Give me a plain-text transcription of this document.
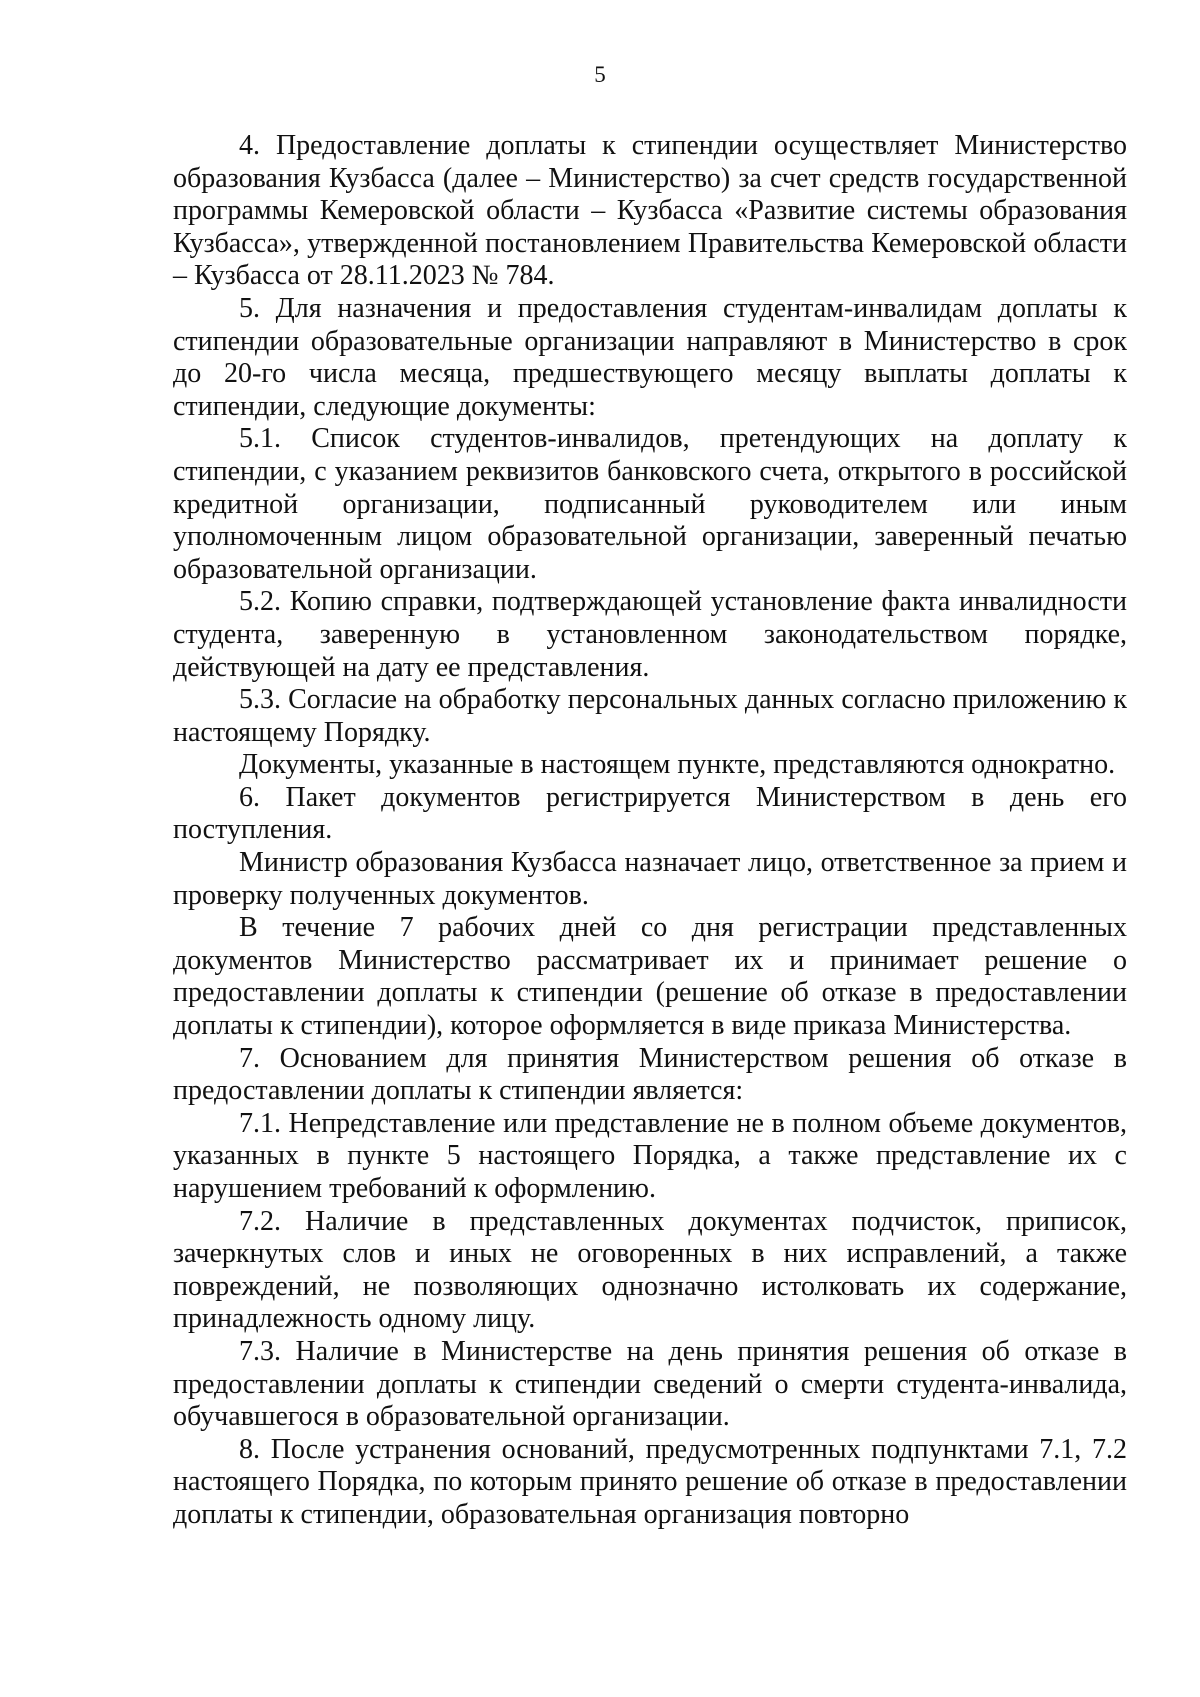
5

4. Предоставление доплаты к стипендии осуществляет Министерство образования Кузбасса (далее – Министерство) за счет средств государственной программы Кемеровской области – Кузбасса «Развитие системы образования Кузбасса», утвержденной постановлением Правительства Кемеровской области – Кузбасса от 28.11.2023 № 784.

5. Для назначения и предоставления студентам-инвалидам доплаты к стипендии образовательные организации направляют в Министерство в срок до 20-го числа месяца, предшествующего месяцу выплаты доплаты к стипендии, следующие документы:

5.1. Список студентов-инвалидов, претендующих на доплату к стипендии, с указанием реквизитов банковского счета, открытого в российской кредитной организации, подписанный руководителем или иным уполномоченным лицом образовательной организации, заверенный печатью образовательной организации.

5.2. Копию справки, подтверждающей установление факта инвалидности студента, заверенную в установленном законодательством порядке, действующей на дату ее представления.

5.3. Согласие на обработку персональных данных согласно приложению к настоящему Порядку.

Документы, указанные в настоящем пункте, представляются однократно.

6. Пакет документов регистрируется Министерством в день его поступления.

Министр образования Кузбасса назначает лицо, ответственное за прием и проверку полученных документов.

В течение 7 рабочих дней со дня регистрации представленных документов Министерство рассматривает их и принимает решение о предоставлении доплаты к стипендии (решение об отказе в предоставлении доплаты к стипендии), которое оформляется в виде приказа Министерства.

7. Основанием для принятия Министерством решения об отказе в предоставлении доплаты к стипендии является:

7.1. Непредставление или представление не в полном объеме документов, указанных в пункте 5 настоящего Порядка, а также представление их с нарушением требований к оформлению.

7.2. Наличие в представленных документах подчисток, приписок, зачеркнутых слов и иных не оговоренных в них исправлений, а также повреждений, не позволяющих однозначно истолковать их содержание, принадлежность одному лицу.

7.3. Наличие в Министерстве на день принятия решения об отказе в предоставлении доплаты к стипендии сведений о смерти студента-инвалида, обучавшегося в образовательной организации.

8. После устранения оснований, предусмотренных подпунктами 7.1, 7.2 настоящего Порядка, по которым принято решение об отказе в предоставлении доплаты к стипендии, образовательная организация повторно
